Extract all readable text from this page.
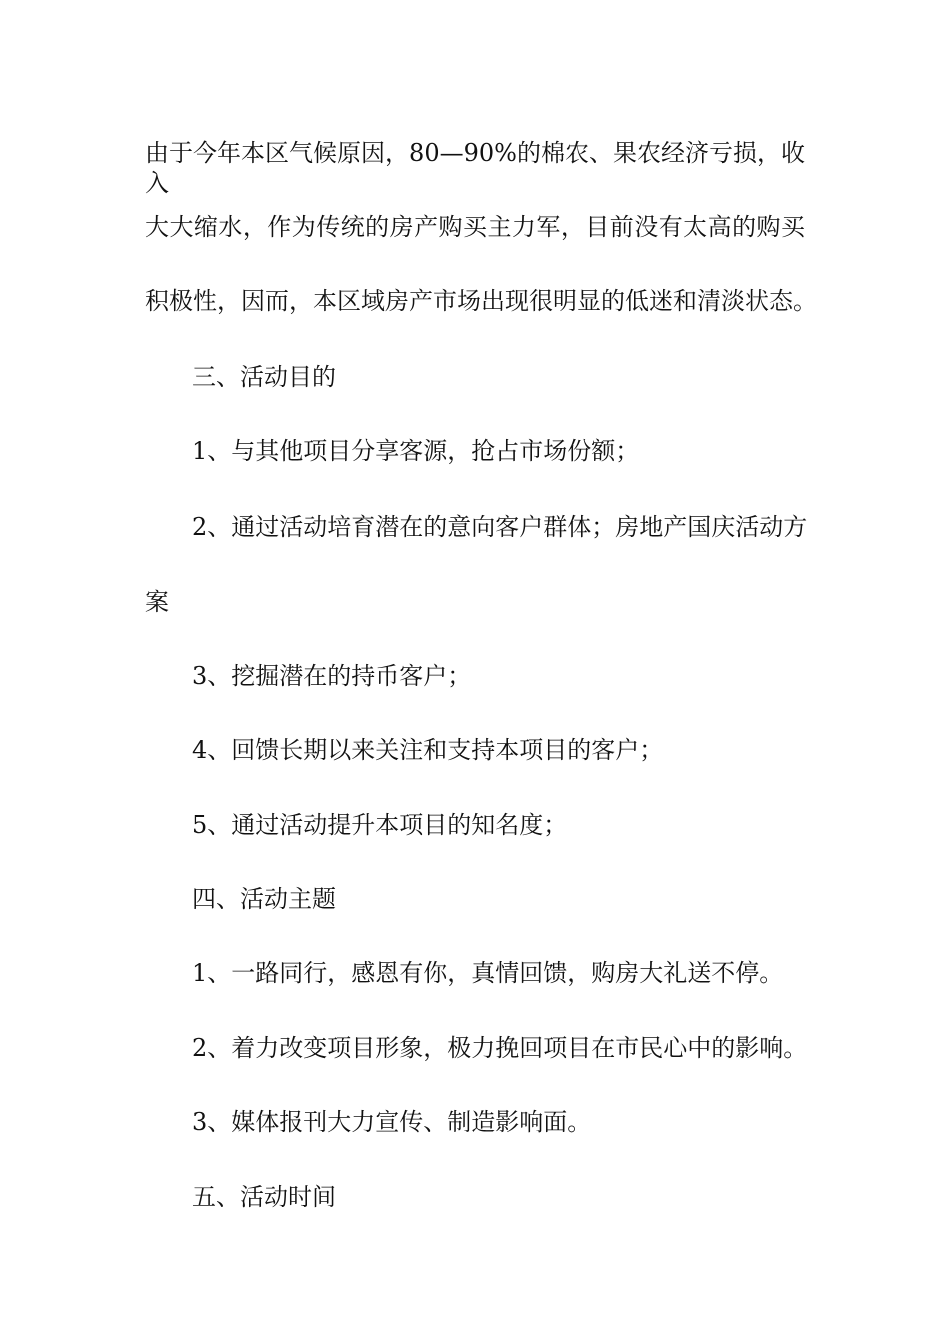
由于今年本区气候原因，80—90%的棉农、果农经济亏损，收入
大大缩水，作为传统的房产购买主力军，目前没有太高的购买
积极性，因而，本区域房产市场出现很明显的低迷和清淡状态。
三、活动目的
1、与其他项目分享客源，抢占市场份额；
2、通过活动培育潜在的意向客户群体；房地产国庆活动方
案
3、挖掘潜在的持币客户；
4、回馈长期以来关注和支持本项目的客户；
5、通过活动提升本项目的知名度；
四、活动主题
1、一路同行，感恩有你，真情回馈，购房大礼送不停。
2、着力改变项目形象，极力挽回项目在市民心中的影响。
3、媒体报刊大力宣传、制造影响面。
五、活动时间
